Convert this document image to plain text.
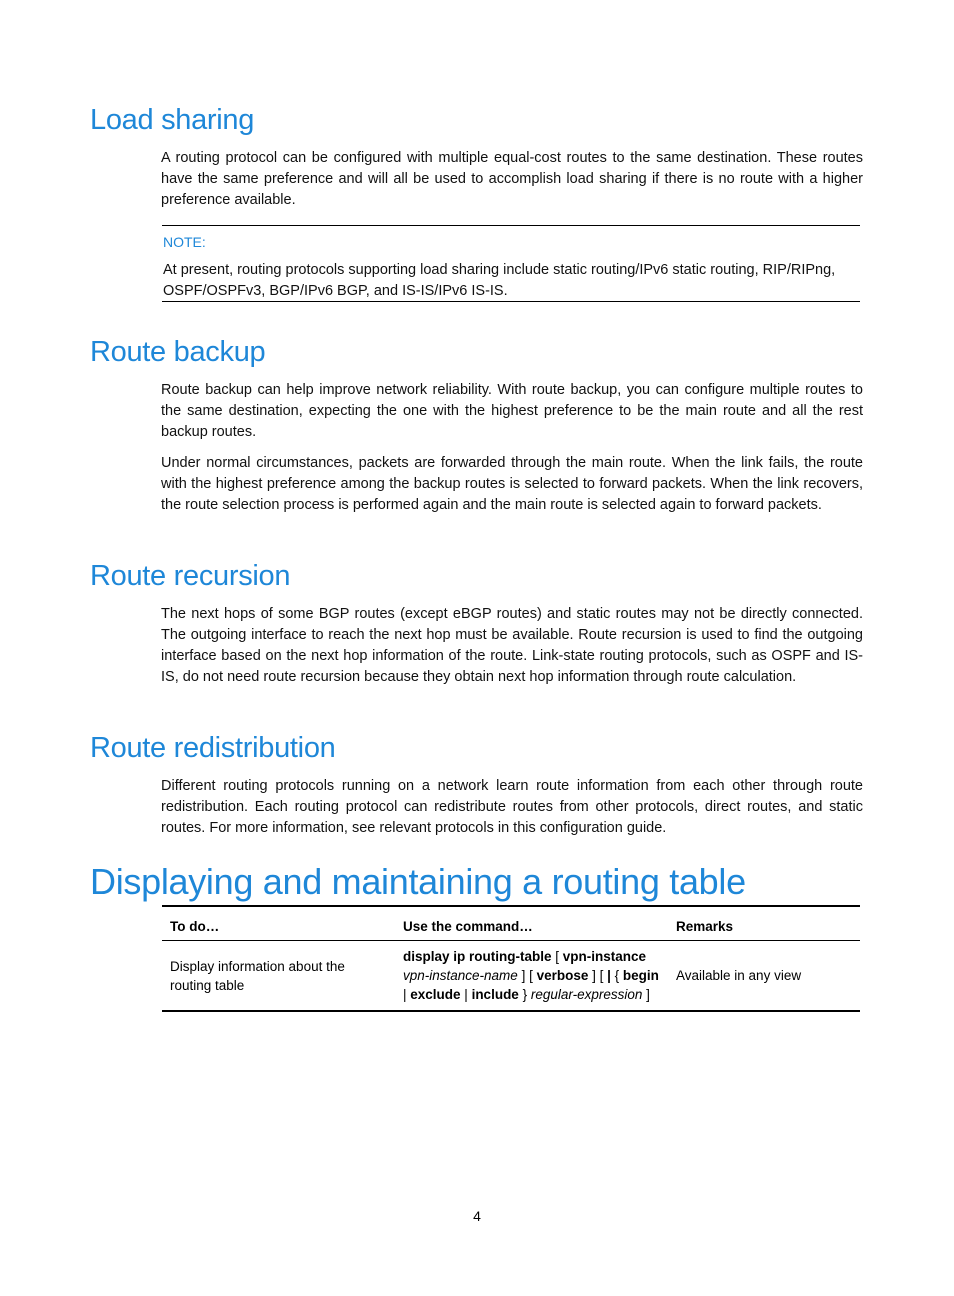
Load sharing

A routing protocol can be configured with multiple equal-cost routes to the same destination. These routes have the same preference and will all be used to accomplish load sharing if there is no route with a higher preference available.

NOTE:

At present, routing protocols supporting load sharing include static routing/IPv6 static routing, RIP/RIPng, OSPF/OSPFv3, BGP/IPv6 BGP, and IS-IS/IPv6 IS-IS.

Route backup

Route backup can help improve network reliability. With route backup, you can configure multiple routes to the same destination, expecting the one with the highest preference to be the main route and all the rest backup routes.

Under normal circumstances, packets are forwarded through the main route. When the link fails, the route with the highest preference among the backup routes is selected to forward packets. When the link recovers, the route selection process is performed again and the main route is selected again to forward packets.

Route recursion

The next hops of some BGP routes (except eBGP routes) and static routes may not be directly connected. The outgoing interface to reach the next hop must be available. Route recursion is used to find the outgoing interface based on the next hop information of the route. Link-state routing protocols, such as OSPF and IS-IS, do not need route recursion because they obtain next hop information through route calculation.

Route redistribution

Different routing protocols running on a network learn route information from each other through route redistribution. Each routing protocol can redistribute routes from other protocols, direct routes, and static routes. For more information, see relevant protocols in this configuration guide.

Displaying and maintaining a routing table
To do…	Use the command…	Remarks
Display information about the routing table	display ip routing-table [ vpn-instance
vpn-instance-name ] [ verbose ] [ | { begin
| exclude | include } regular-expression ]	Available in any view
4
